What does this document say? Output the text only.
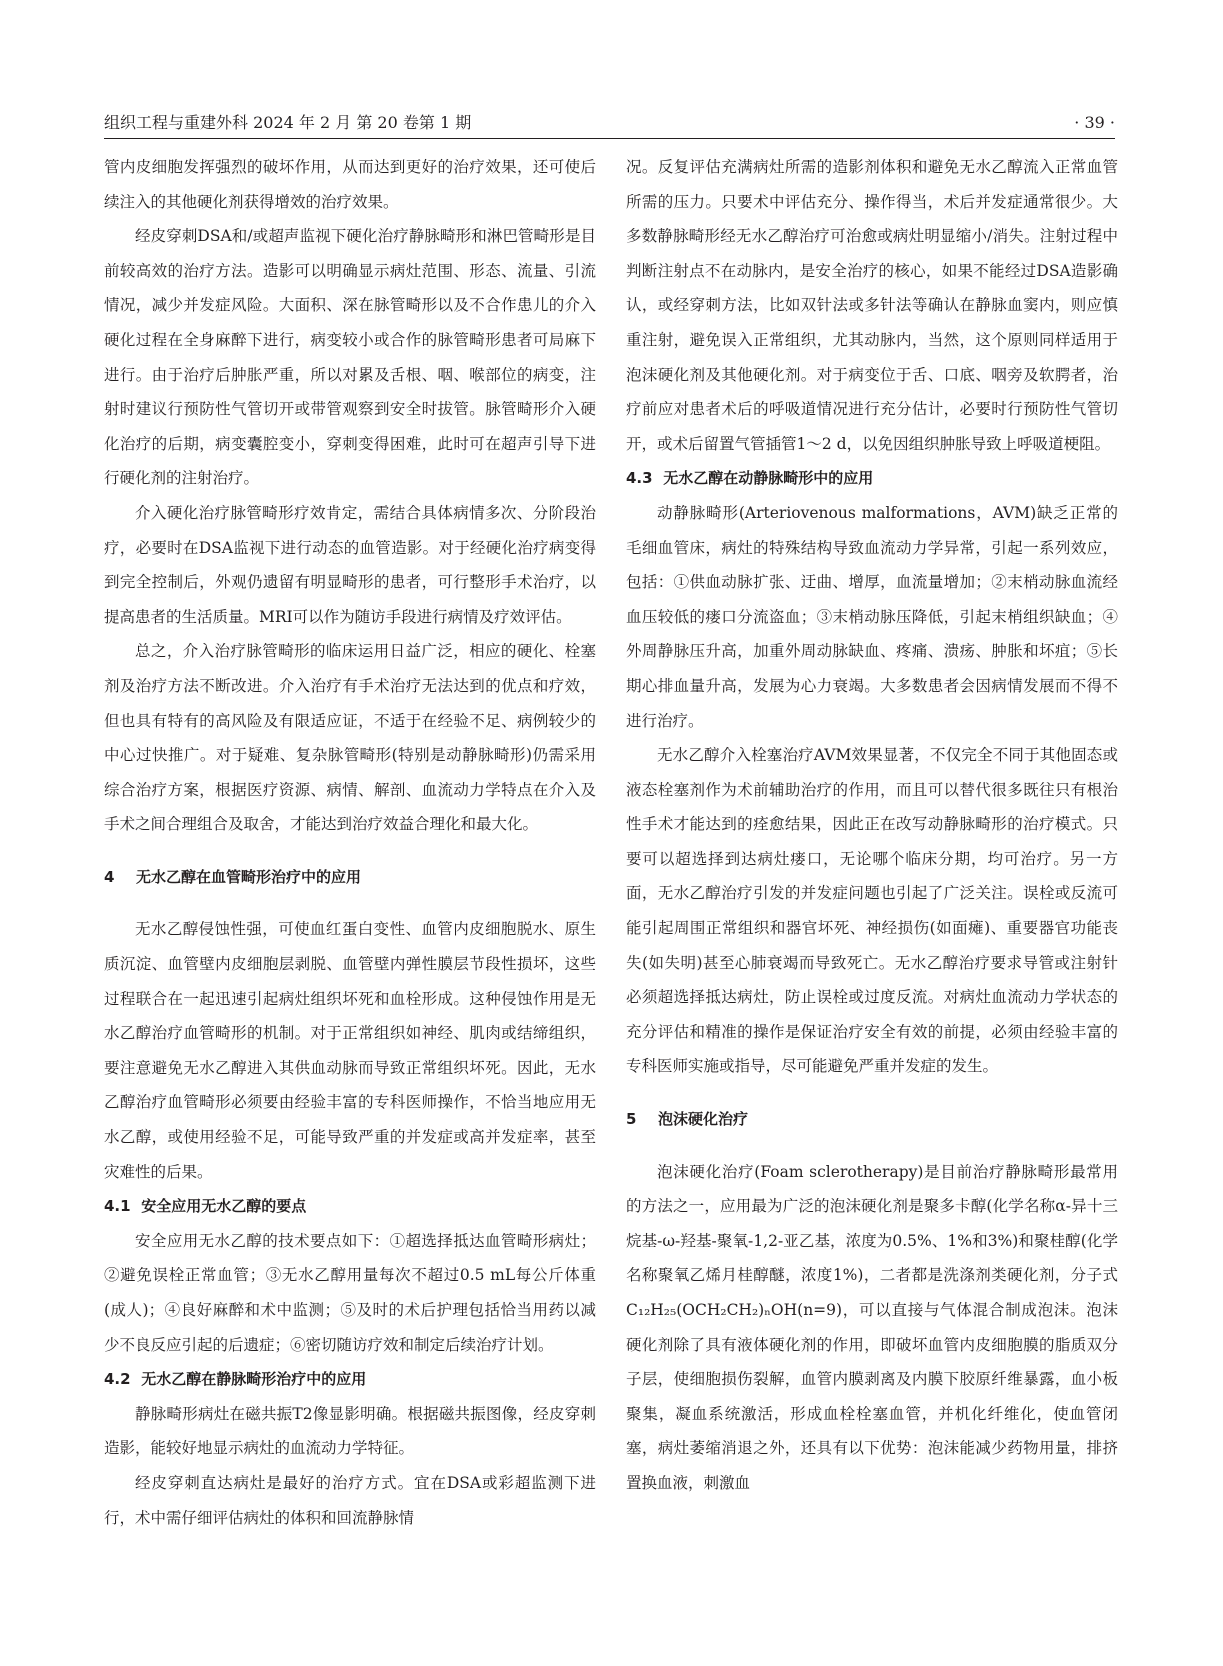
组织工程与重建外科 2024 年 2 月 第 20 卷第 1 期	· 39 ·

管内皮细胞发挥强烈的破坏作用，从而达到更好的治疗效果，还可使后续注入的其他硬化剂获得增效的治疗效果。

经皮穿刺DSA和/或超声监视下硬化治疗静脉畸形和淋巴管畸形是目前较高效的治疗方法。造影可以明确显示病灶范围、形态、流量、引流情况，减少并发症风险。大面积、深在脉管畸形以及不合作患儿的介入硬化过程在全身麻醉下进行，病变较小或合作的脉管畸形患者可局麻下进行。由于治疗后肿胀严重，所以对累及舌根、咽、喉部位的病变，注射时建议行预防性气管切开或带管观察到安全时拔管。脉管畸形介入硬化治疗的后期，病变囊腔变小，穿刺变得困难，此时可在超声引导下进行硬化剂的注射治疗。

介入硬化治疗脉管畸形疗效肯定，需结合具体病情多次、分阶段治疗，必要时在DSA监视下进行动态的血管造影。对于经硬化治疗病变得到完全控制后，外观仍遗留有明显畸形的患者，可行整形手术治疗，以提高患者的生活质量。MRI可以作为随访手段进行病情及疗效评估。

总之，介入治疗脉管畸形的临床运用日益广泛，相应的硬化、栓塞剂及治疗方法不断改进。介入治疗有手术治疗无法达到的优点和疗效，但也具有特有的高风险及有限适应证，不适于在经验不足、病例较少的中心过快推广。对于疑难、复杂脉管畸形(特别是动静脉畸形)仍需采用综合治疗方案，根据医疗资源、病情、解剖、血流动力学特点在介入及手术之间合理组合及取舍，才能达到治疗效益合理化和最大化。

4 无水乙醇在血管畸形治疗中的应用

无水乙醇侵蚀性强，可使血红蛋白变性、血管内皮细胞脱水、原生质沉淀、血管壁内皮细胞层剥脱、血管壁内弹性膜层节段性损坏，这些过程联合在一起迅速引起病灶组织坏死和血栓形成。这种侵蚀作用是无水乙醇治疗血管畸形的机制。对于正常组织如神经、肌肉或结缔组织，要注意避免无水乙醇进入其供血动脉而导致正常组织坏死。因此，无水乙醇治疗血管畸形必须要由经验丰富的专科医师操作，不恰当地应用无水乙醇，或使用经验不足，可能导致严重的并发症或高并发症率，甚至灾难性的后果。

4.1 安全应用无水乙醇的要点

安全应用无水乙醇的技术要点如下：①超选择抵达血管畸形病灶；②避免误栓正常血管；③无水乙醇用量每次不超过0.5 mL每公斤体重(成人)；④良好麻醉和术中监测；⑤及时的术后护理包括恰当用药以减少不良反应引起的后遗症；⑥密切随访疗效和制定后续治疗计划。

4.2 无水乙醇在静脉畸形治疗中的应用

静脉畸形病灶在磁共振T2像显影明确。根据磁共振图像，经皮穿刺造影，能较好地显示病灶的血流动力学特征。

经皮穿刺直达病灶是最好的治疗方式。宜在DSA或彩超监测下进行，术中需仔细评估病灶的体积和回流静脉情

况。反复评估充满病灶所需的造影剂体积和避免无水乙醇流入正常血管所需的压力。只要术中评估充分、操作得当，术后并发症通常很少。大多数静脉畸形经无水乙醇治疗可治愈或病灶明显缩小/消失。注射过程中判断注射点不在动脉内，是安全治疗的核心，如果不能经过DSA造影确认，或经穿刺方法，比如双针法或多针法等确认在静脉血窦内，则应慎重注射，避免误入正常组织，尤其动脉内，当然，这个原则同样适用于泡沫硬化剂及其他硬化剂。对于病变位于舌、口底、咽旁及软腭者，治疗前应对患者术后的呼吸道情况进行充分估计，必要时行预防性气管切开，或术后留置气管插管1～2 d，以免因组织肿胀导致上呼吸道梗阻。

4.3 无水乙醇在动静脉畸形中的应用

动静脉畸形(Arteriovenous malformations，AVM)缺乏正常的毛细血管床，病灶的特殊结构导致血流动力学异常，引起一系列效应，包括：①供血动脉扩张、迂曲、增厚，血流量增加；②末梢动脉血流经血压较低的瘘口分流盗血；③末梢动脉压降低，引起末梢组织缺血；④外周静脉压升高，加重外周动脉缺血、疼痛、溃疡、肿胀和坏疽；⑤长期心排血量升高，发展为心力衰竭。大多数患者会因病情发展而不得不进行治疗。

无水乙醇介入栓塞治疗AVM效果显著，不仅完全不同于其他固态或液态栓塞剂作为术前辅助治疗的作用，而且可以替代很多既往只有根治性手术才能达到的痊愈结果，因此正在改写动静脉畸形的治疗模式。只要可以超选择到达病灶瘘口，无论哪个临床分期，均可治疗。另一方面，无水乙醇治疗引发的并发症问题也引起了广泛关注。误栓或反流可能引起周围正常组织和器官坏死、神经损伤(如面瘫)、重要器官功能丧失(如失明)甚至心肺衰竭而导致死亡。无水乙醇治疗要求导管或注射针必须超选择抵达病灶，防止误栓或过度反流。对病灶血流动力学状态的充分评估和精准的操作是保证治疗安全有效的前提，必须由经验丰富的专科医师实施或指导，尽可能避免严重并发症的发生。

5 泡沫硬化治疗

泡沫硬化治疗(Foam sclerotherapy)是目前治疗静脉畸形最常用的方法之一，应用最为广泛的泡沫硬化剂是聚多卡醇(化学名称α-异十三烷基-ω-羟基-聚氧-1,2-亚乙基，浓度为0.5%、1%和3%)和聚桂醇(化学名称聚氧乙烯月桂醇醚，浓度1%)，二者都是洗涤剂类硬化剂，分子式C₁₂H₂₅(OCH₂CH₂)ₙOH(n=9)，可以直接与气体混合制成泡沫。泡沫硬化剂除了具有液体硬化剂的作用，即破坏血管内皮细胞膜的脂质双分子层，使细胞损伤裂解，血管内膜剥离及内膜下胶原纤维暴露，血小板聚集，凝血系统激活，形成血栓栓塞血管，并机化纤维化，使血管闭塞，病灶萎缩消退之外，还具有以下优势：泡沫能减少药物用量，排挤置换血液，刺激血
